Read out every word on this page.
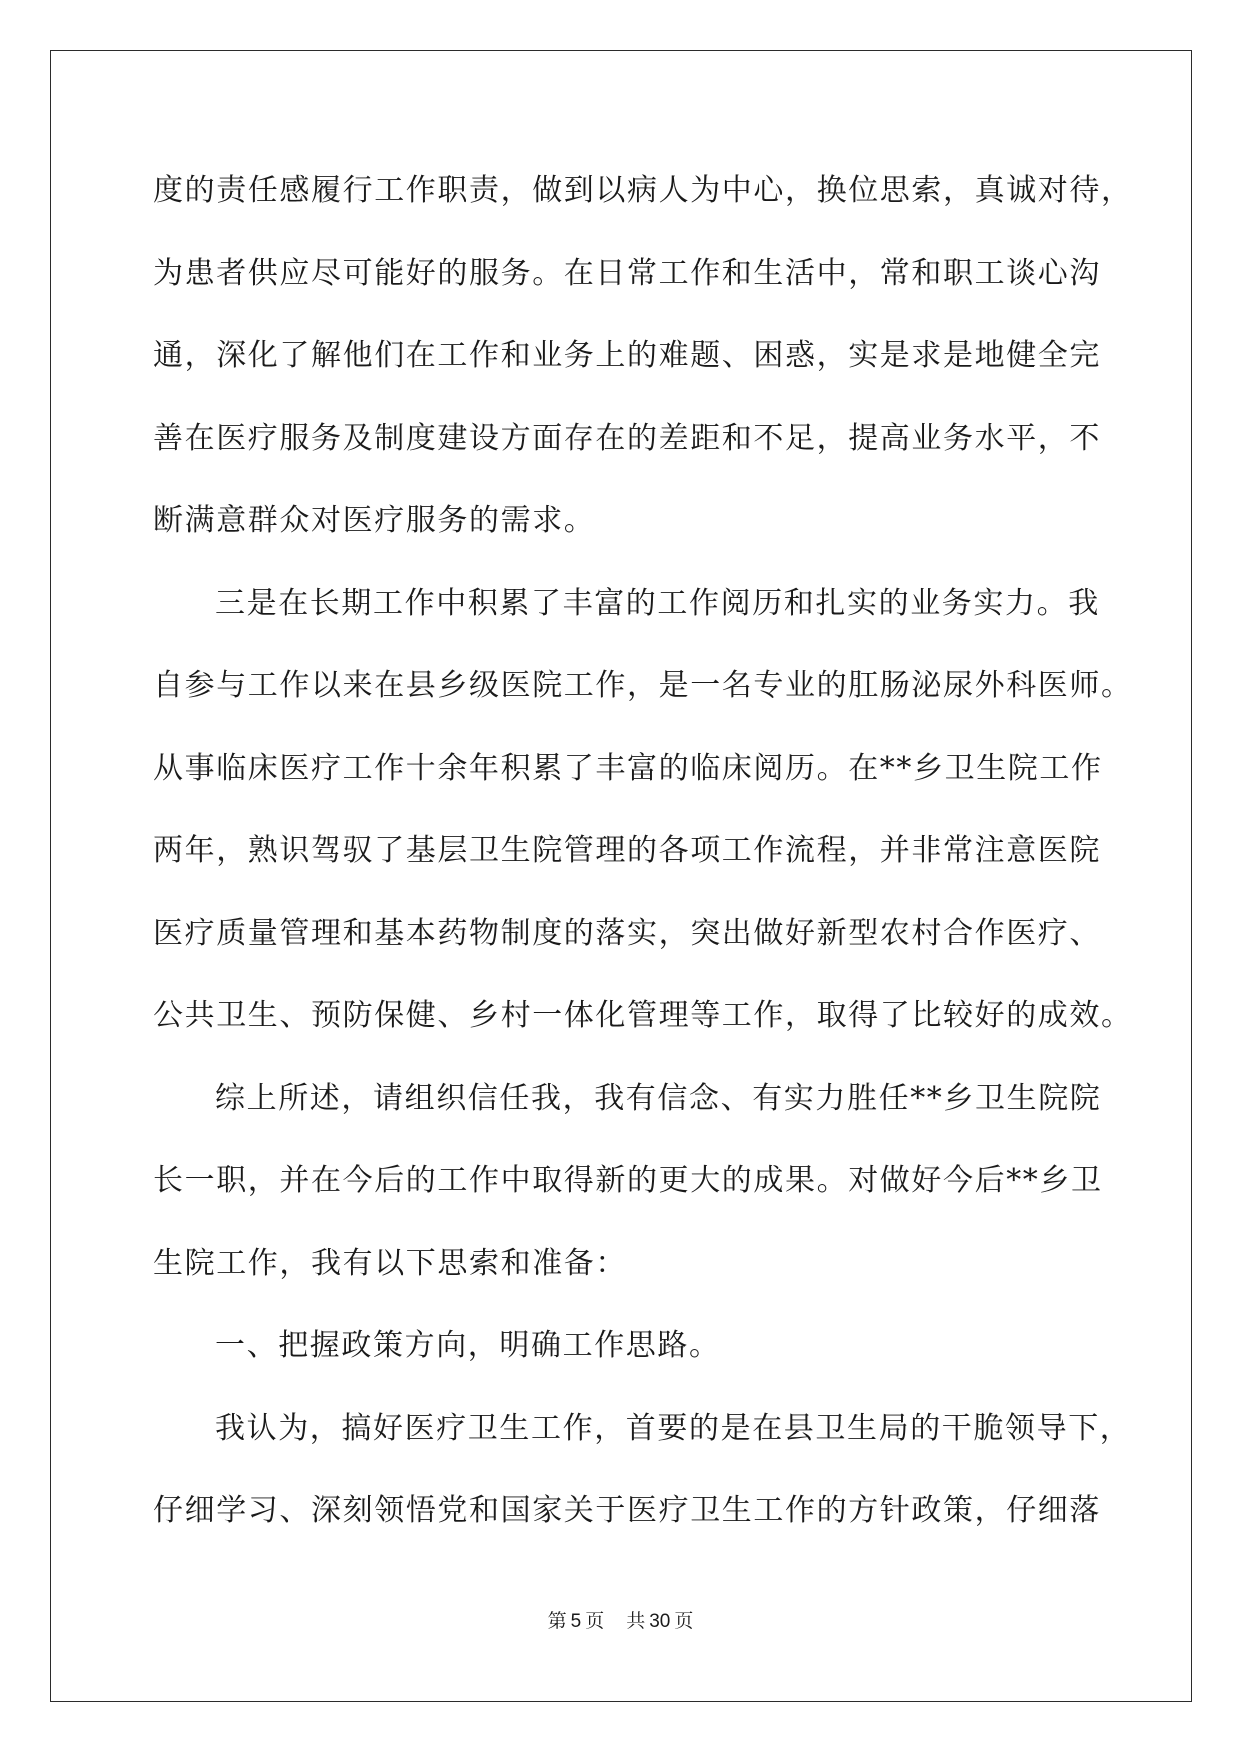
度的责任感履行工作职责，做到以病人为中心，换位思索，真诚对待，
为患者供应尽可能好的服务。在日常工作和生活中，常和职工谈心沟
通，深化了解他们在工作和业务上的难题、困惑，实是求是地健全完
善在医疗服务及制度建设方面存在的差距和不足，提高业务水平，不
断满意群众对医疗服务的需求。
三是在长期工作中积累了丰富的工作阅历和扎实的业务实力。我
自参与工作以来在县乡级医院工作，是一名专业的肛肠泌尿外科医师。
从事临床医疗工作十余年积累了丰富的临床阅历。在**乡卫生院工作
两年，熟识驾驭了基层卫生院管理的各项工作流程，并非常注意医院
医疗质量管理和基本药物制度的落实，突出做好新型农村合作医疗、
公共卫生、预防保健、乡村一体化管理等工作，取得了比较好的成效。
综上所述，请组织信任我，我有信念、有实力胜任**乡卫生院院
长一职，并在今后的工作中取得新的更大的成果。对做好今后**乡卫
生院工作，我有以下思索和准备：
一、把握政策方向，明确工作思路。
我认为，搞好医疗卫生工作，首要的是在县卫生局的干脆领导下，
仔细学习、深刻领悟党和国家关于医疗卫生工作的方针政策，仔细落
第 5 页 共 30 页
